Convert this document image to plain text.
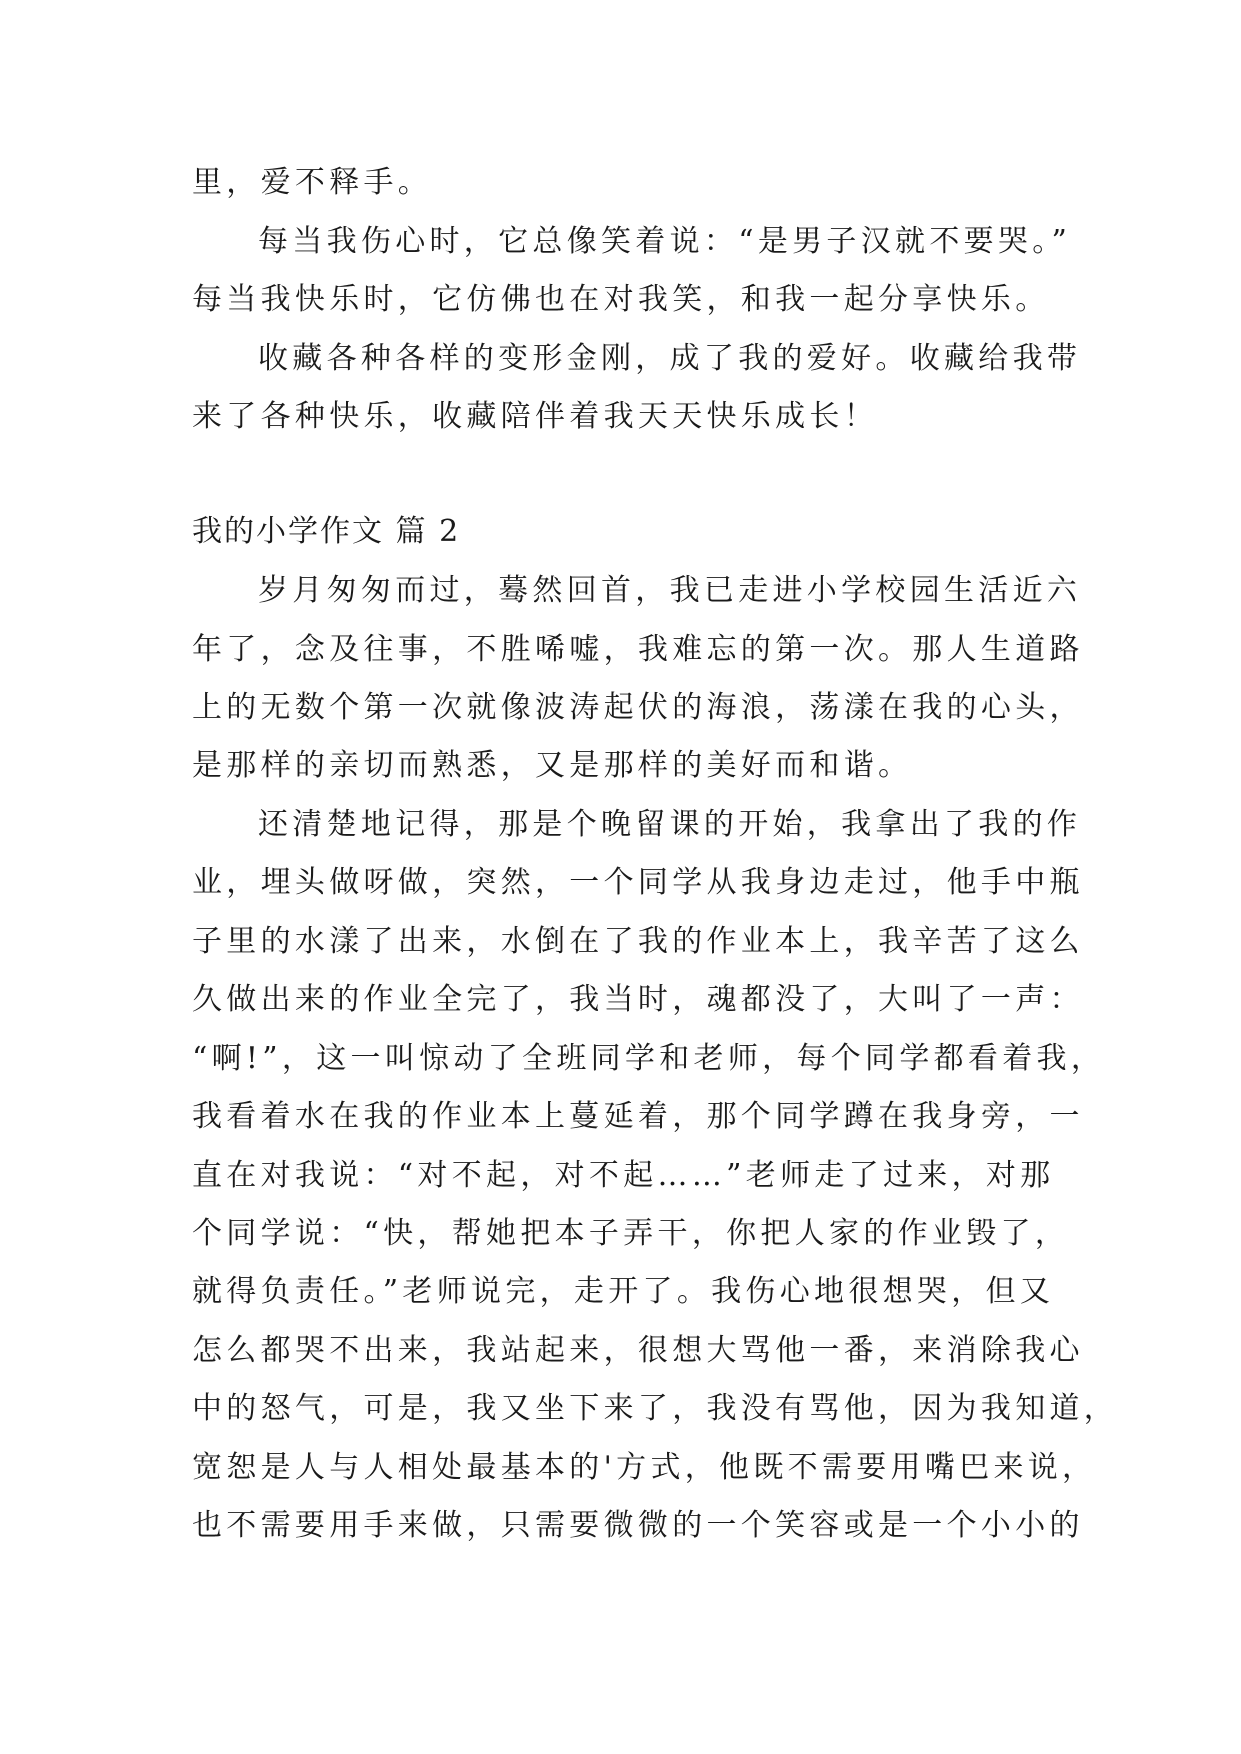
里，爱不释手。
每当我伤心时，它总像笑着说：“是男子汉就不要哭。”
每当我快乐时，它仿佛也在对我笑，和我一起分享快乐。
收藏各种各样的变形金刚，成了我的爱好。收藏给我带
来了各种快乐，收藏陪伴着我天天快乐成长！
我的小学作文 篇 2
岁月匆匆而过，蓦然回首，我已走进小学校园生活近六
年了，念及往事，不胜唏嘘，我难忘的第一次。那人生道路
上的无数个第一次就像波涛起伏的海浪，荡漾在我的心头，
是那样的亲切而熟悉，又是那样的美好而和谐。
还清楚地记得，那是个晚留课的开始，我拿出了我的作
业，埋头做呀做，突然，一个同学从我身边走过，他手中瓶
子里的水漾了出来，水倒在了我的作业本上，我辛苦了这么
久做出来的作业全完了，我当时，魂都没了，大叫了一声：
“啊!”，这一叫惊动了全班同学和老师，每个同学都看着我，
我看着水在我的作业本上蔓延着，那个同学蹲在我身旁，一
直在对我说：“对不起，对不起……”老师走了过来，对那
个同学说：“快，帮她把本子弄干，你把人家的作业毁了，
就得负责任。”老师说完，走开了。我伤心地很想哭，但又
怎么都哭不出来，我站起来，很想大骂他一番，来消除我心
中的怒气，可是，我又坐下来了，我没有骂他，因为我知道，
宽恕是人与人相处最基本的'方式，他既不需要用嘴巴来说，
也不需要用手来做，只需要微微的一个笑容或是一个小小的
